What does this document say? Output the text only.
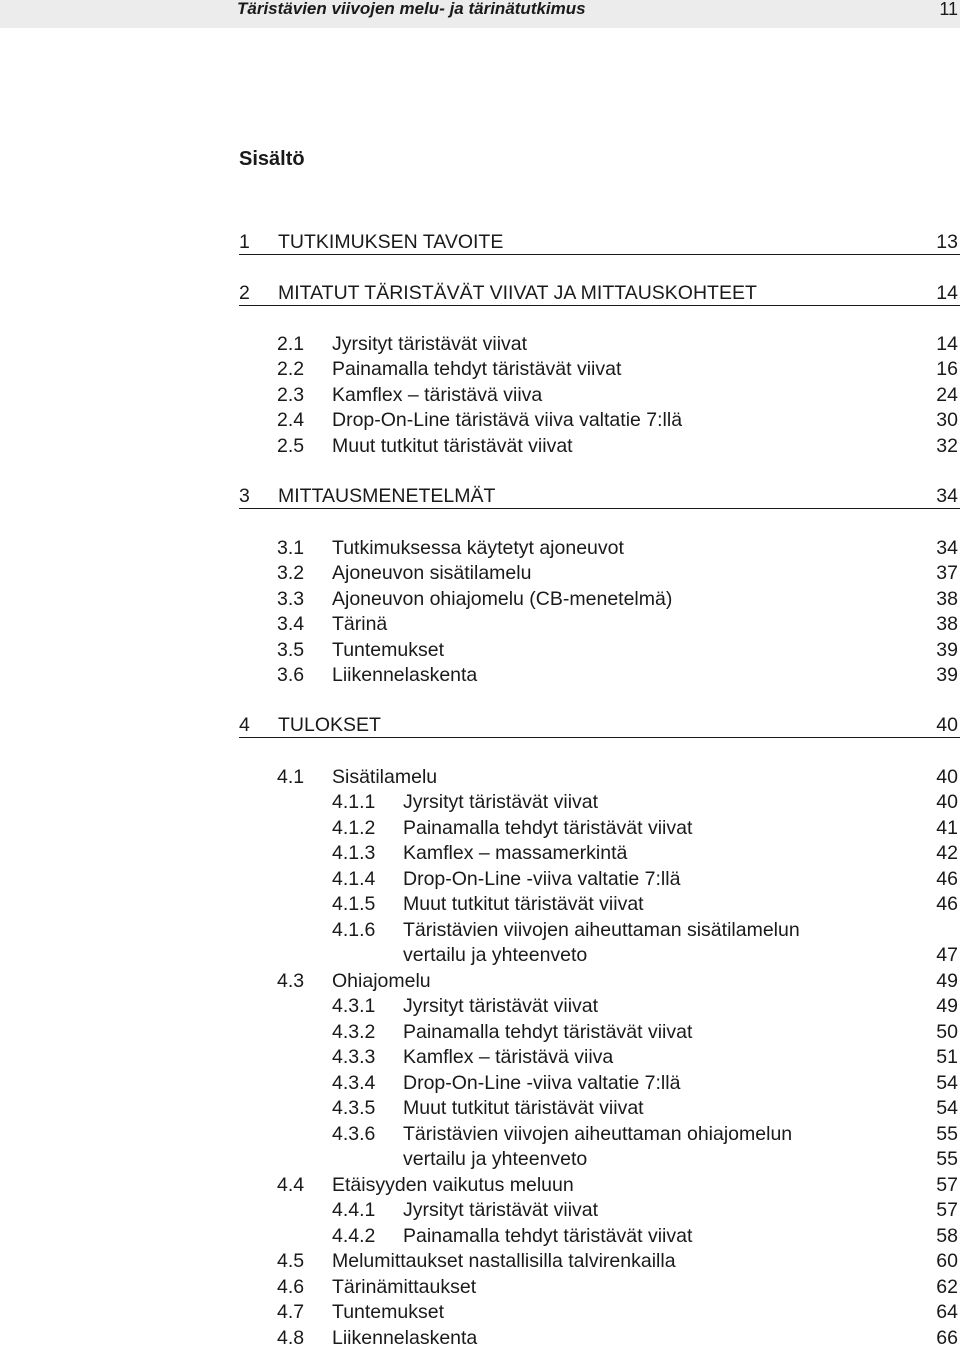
Täristävien viivojen melu- ja tärinätutkimus	11
Sisältö
1 TUTKIMUKSEN TAVOITE	13
2 MITATUT TÄRISTÄVÄT VIIVAT JA MITTAUSKOHTEET	14
2.1 Jyrsityt täristävät viivat	14
2.2 Painamalla tehdyt täristävät viivat	16
2.3 Kamflex – täristävä viiva	24
2.4 Drop-On-Line täristävä viiva valtatie 7:llä	30
2.5 Muut tutkitut täristävät viivat	32
3 MITTAUSMENETELMÄT	34
3.1 Tutkimuksessa käytetyt ajoneuvot	34
3.2 Ajoneuvon sisätilamelu	37
3.3 Ajoneuvon ohiajomelu (CB-menetelmä)	38
3.4 Tärinä	38
3.5 Tuntemukset	39
3.6 Liikennelaskenta	39
4 TULOKSET	40
4.1 Sisätilamelu	40
4.1.1 Jyrsityt täristävät viivat	40
4.1.2 Painamalla tehdyt täristävät viivat	41
4.1.3 Kamflex – massamerkintä	42
4.1.4 Drop-On-Line -viiva valtatie 7:llä	46
4.1.5 Muut tutkitut täristävät viivat	46
4.1.6 Täristävien viivojen aiheuttaman sisätilamelun
vertailu ja yhteenveto	47
4.3 Ohiajomelu	49
4.3.1 Jyrsityt täristävät viivat	49
4.3.2 Painamalla tehdyt täristävät viivat	50
4.3.3 Kamflex – täristävä viiva	51
4.3.4 Drop-On-Line -viiva valtatie 7:llä	54
4.3.5 Muut tutkitut täristävät viivat	54
4.3.6 Täristävien viivojen aiheuttaman ohiajomelun	55
vertailu ja yhteenveto	55
4.4 Etäisyyden vaikutus meluun	57
4.4.1 Jyrsityt täristävät viivat	57
4.4.2 Painamalla tehdyt täristävät viivat	58
4.5 Melumittaukset nastallisilla talvirenkailla	60
4.6 Tärinämittaukset	62
4.7 Tuntemukset	64
4.8 Liikennelaskenta	66
